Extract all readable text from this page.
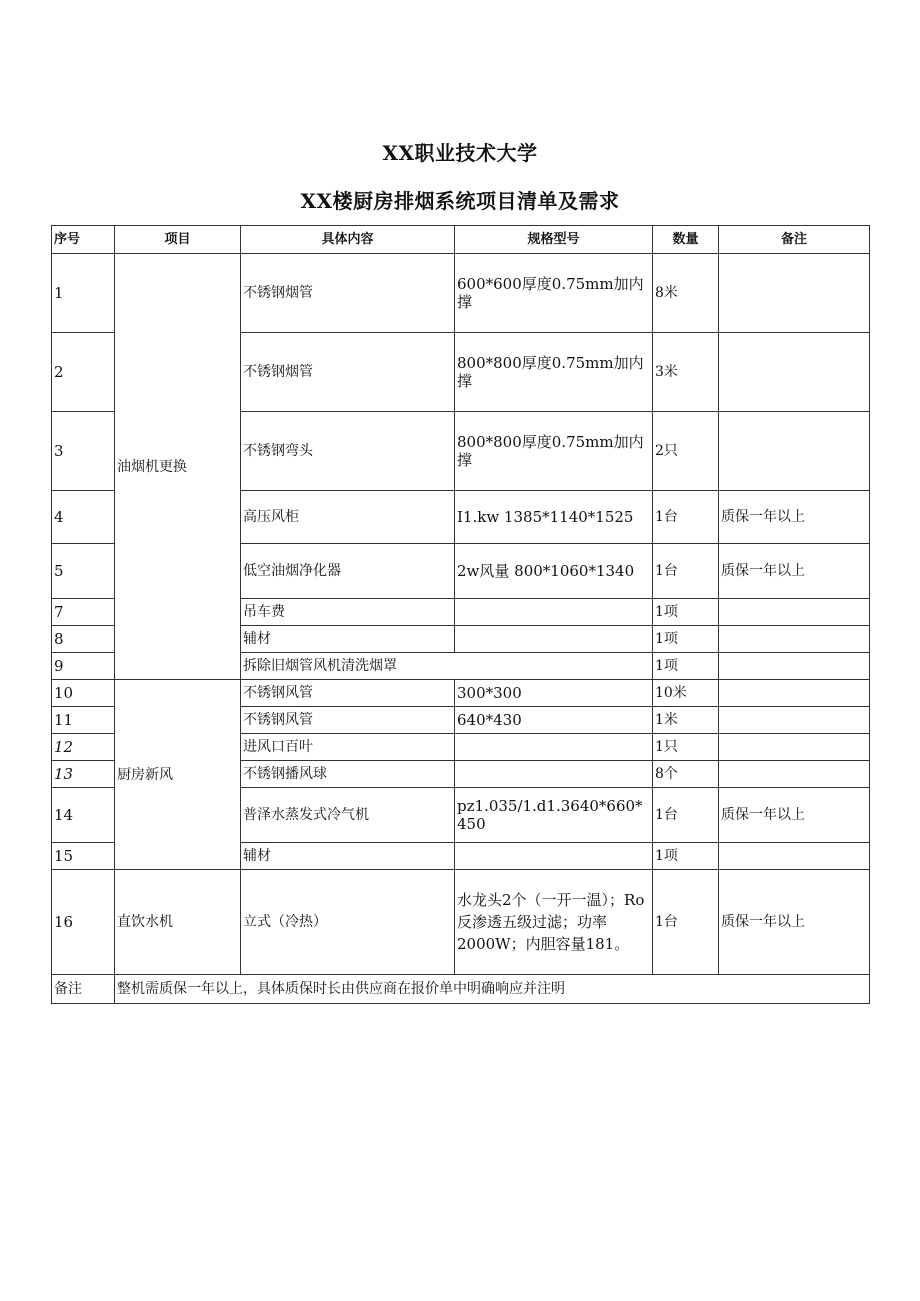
XX职业技术大学
XX楼厨房排烟系统项目清单及需求
序号	项目	具体内容	规格型号	数量	备注
1	油烟机更换	不锈钢烟管	600*600厚度0.75mm加内撑	8米	
2		不锈钢烟管	800*800厚度0.75mm加内撑	3米	
3		不锈钢弯头	800*800厚度0.75mm加内撑	2只	
4		高压风柜	I1.kw 1385*1140*1525	1台	质保一年以上
5		低空油烟净化器	2w风量 800*1060*1340	1台	质保一年以上
7		吊车费		1项	
8		辅材		1项	
9		拆除旧烟管风机清洗烟罩		1项	
10	厨房新风	不锈钢风管	300*300	10米	
11		不锈钢风管	640*430	1米	
12		进风口百叶		1只	
13		不锈钢播风球		8个	
14		普泽水蒸发式冷气机	pz1.035/1.d1.3640*660*450	1台	质保一年以上
15		辅材		1项	
16	直饮水机	立式（冷热）	水龙头2个（一开一温）；Ro反渗透五级过滤；功率2000W；内胆容量181。	1台	质保一年以上
备注	整机需质保一年以上，具体质保时长由供应商在报价单中明确响应并注明				
